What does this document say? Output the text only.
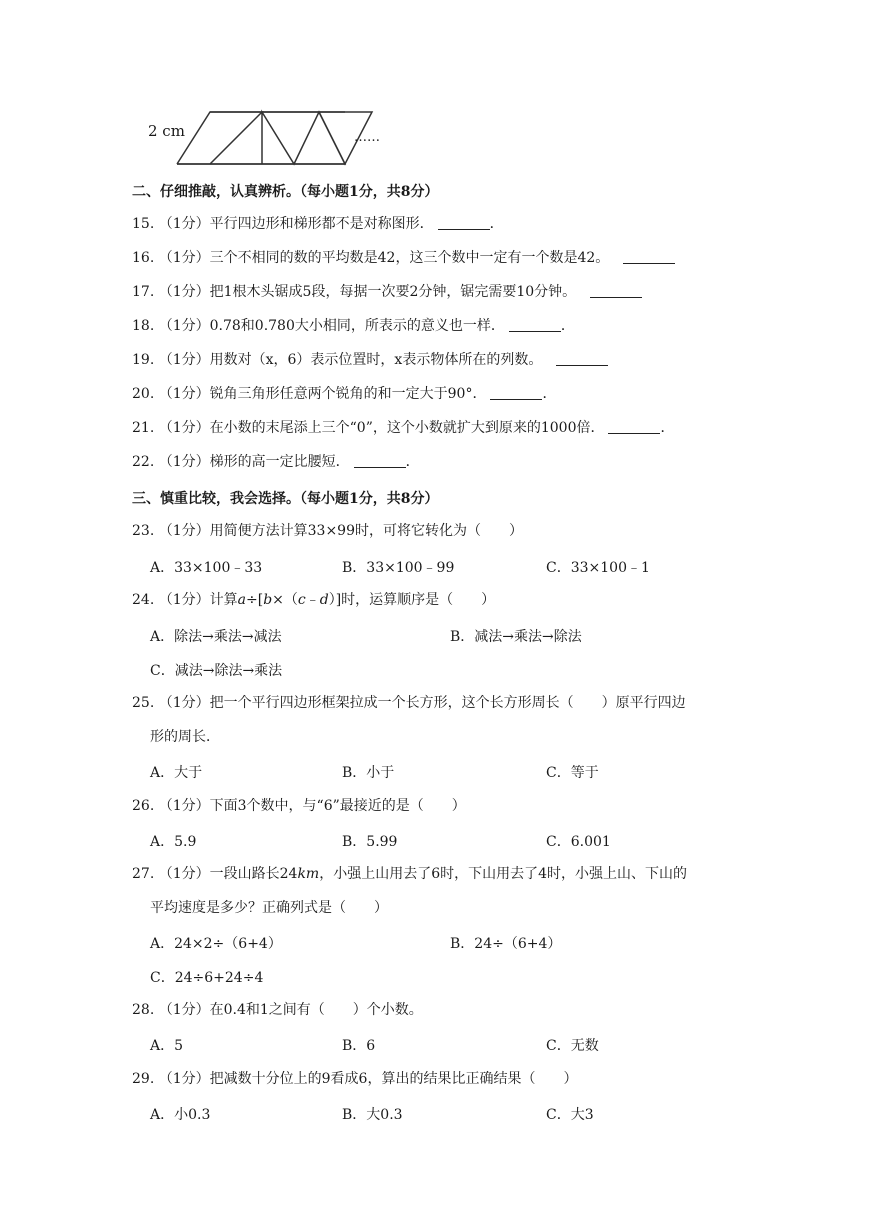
2 cm	……
二、仔细推敲，认真辨析。（每小题1分，共8分）
15. （1分）平行四边形和梯形都不是对称图形．	．
16. （1分）三个不相同的数的平均数是42，这三个数中一定有一个数是42。
17. （1分）把1根木头锯成5段，每据一次要2分钟，锯完需要10分钟。
18. （1分）0.78和0.780大小相同，所表示的意义也一样．	．
19. （1分）用数对（x，6）表示位置时，x表示物体所在的列数。
20. （1分）锐角三角形任意两个锐角的和一定大于90°．	．
21. （1分）在小数的末尾添上三个“0”，这个小数就扩大到原来的1000倍．	．
22. （1分）梯形的高一定比腰短．	．
三、慎重比较，我会选择。（每小题1分，共8分）
23. （1分）用简便方法计算33×99时，可将它转化为（　　）
A．33×100﹣33	B．33×100﹣99	C．33×100﹣1
24. （1分）计算a÷[b×（c﹣d）]时，运算顺序是（　　）
A．除法→乘法→减法	B．减法→乘法→除法
C．减法→除法→乘法
25. （1分）把一个平行四边形框架拉成一个长方形，这个长方形周长（　　）原平行四边
形的周长．
A．大于	B．小于	C．等于
26. （1分）下面3个数中，与“6”最接近的是（　　）
A．5.9	B．5.99	C．6.001
27. （1分）一段山路长24km，小强上山用去了6时，下山用去了4时，小强上山、下山的
平均速度是多少？正确列式是（　　）
A．24×2÷（6+4）	B．24÷（6+4）
C．24÷6+24÷4
28. （1分）在0.4和1之间有（　　）个小数。
A．5	B．6	C．无数
29. （1分）把减数十分位上的9看成6，算出的结果比正确结果（　　）
A．小0.3	B．大0.3	C．大3
